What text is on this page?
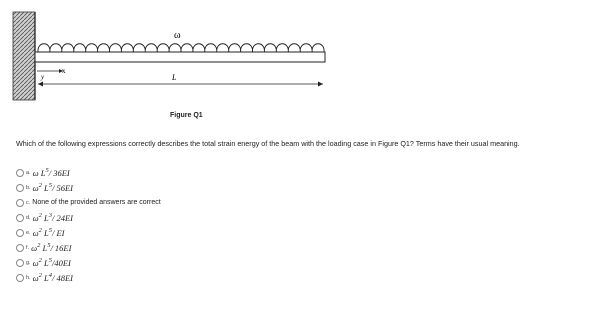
ω
x
y	L
Figure Q1
Which of the following expressions correctly describes the total strain energy of the beam with the loading case in Figure Q1? Terms have their usual meaning.
a. ω $L^5/$ 36EI
b. $\omega^2$ $L^5/$ 56EI
c. None of the provided answers are correct
d. $\omega^2$ $L^3/$ 24EI
e. $\omega^2$ $L^5/$ EI
f. $\omega^2$ $L^5/$ 16EI
g. $\omega^2$ $L^5/40EI$
h. $\omega^2$ $L^4/$ 48EI
